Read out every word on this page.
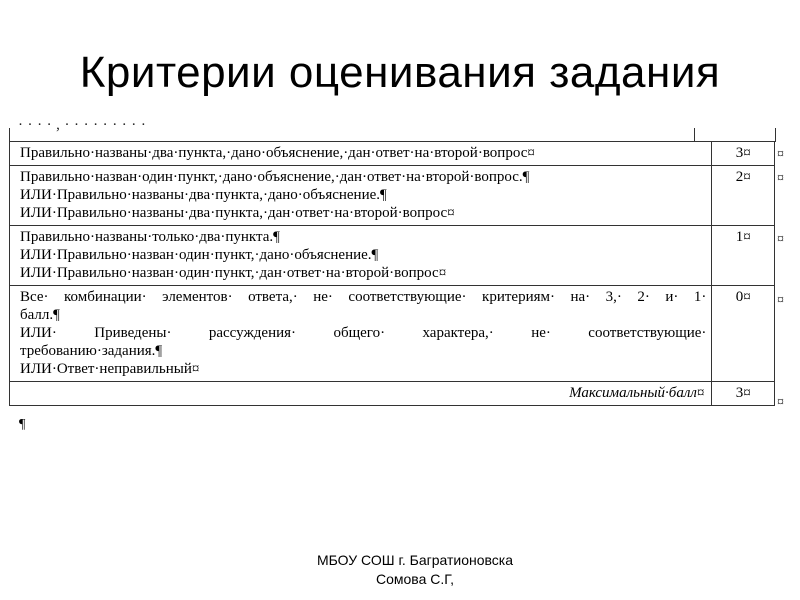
Критерии оценивания задания
· · · · , · · · · · · · · ·
Правильно·названы·два·пункта,·дано·объяснение,·дан·ответ·на·второй·вопрос¤	3¤

Правильно·назван·один·пункт,·дано·объяснение,·дан·ответ·на·второй·вопрос.¶
ИЛИ·Правильно·названы·два·пункта,·дано·объяснение.¶
ИЛИ·Правильно·названы·два·пункта,·дан·ответ·на·второй·вопрос¤	2¤

Правильно·названы·только·два·пункта.¶
ИЛИ·Правильно·назван·один·пункт,·дано·объяснение.¶
ИЛИ·Правильно·назван·один·пункт,·дан·ответ·на·второй·вопрос¤	1¤

Все· комбинации· элементов· ответа,· не· соответствующие· критериям· на· 3,· 2· и· 1·
балл.¶
ИЛИ· Приведены· рассуждения· общего· характера,· не· соответствующие·
требованию·задания.¶
ИЛИ·Ответ·неправильный¤	0¤

Максимальный·балл¤	3¤
¤
¤
¤
¤
¤
¶
МБОУ СОШ г. Багратионовска
Сомова С.Г,
